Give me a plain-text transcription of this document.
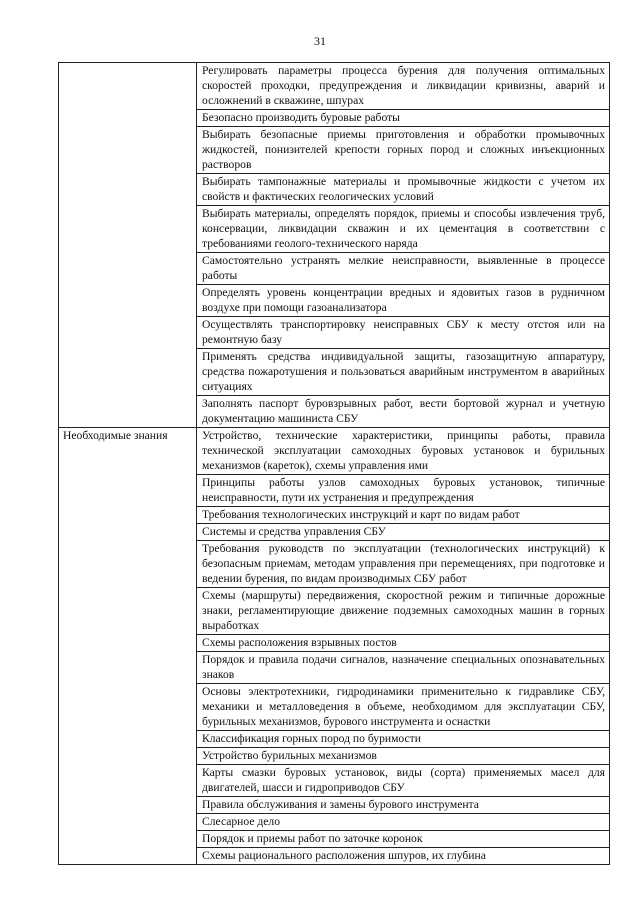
31
	Регулировать параметры процесса бурения для получения оптимальных скоростей проходки, предупреждения и ликвидации кривизны, аварий и осложнений в скважине, шпурах
	Безопасно производить буровые работы
	Выбирать безопасные приемы приготовления и обработки промывочных жидкостей, понизителей крепости горных пород и сложных инъекционных растворов
	Выбирать тампонажные материалы и промывочные жидкости с учетом их свойств и фактических геологических условий
	Выбирать материалы, определять порядок, приемы и способы извлечения труб, консервации, ликвидации скважин и их цементация в соответствии с требованиями геолого-технического наряда
	Самостоятельно устранять мелкие неисправности, выявленные в процессе работы
	Определять уровень концентрации вредных и ядовитых газов в рудничном воздухе при помощи газоанализатора
	Осуществлять транспортировку неисправных СБУ к месту отстоя или на ремонтную базу
	Применять средства индивидуальной защиты, газозащитную аппаратуру, средства пожаротушения и пользоваться аварийным инструментом в аварийных ситуациях
	Заполнять паспорт буровзрывных работ, вести бортовой журнал и учетную документацию машиниста СБУ
Необходимые знания	Устройство, технические характеристики, принципы работы, правила технической эксплуатации самоходных буровых установок и бурильных механизмов (кареток), схемы управления ими
	Принципы работы узлов самоходных буровых установок, типичные неисправности, пути их устранения и предупреждения
	Требования технологических инструкций и карт по видам работ
	Системы и средства управления СБУ
	Требования руководств по эксплуатации (технологических инструкций) к безопасным приемам, методам управления при перемещениях, при подготовке и ведении бурения, по видам производимых СБУ работ
	Схемы (маршруты) передвижения, скоростной режим и типичные дорожные знаки, регламентирующие движение подземных самоходных машин в горных выработках
	Схемы расположения взрывных постов
	Порядок и правила подачи сигналов, назначение специальных опознавательных знаков
	Основы электротехники, гидродинамики применительно к гидравлике СБУ, механики и металловедения в объеме, необходимом для эксплуатации СБУ, бурильных механизмов, бурового инструмента и оснастки
	Классификация горных пород по буримости
	Устройство бурильных механизмов
	Карты смазки буровых установок, виды (сорта) применяемых масел для двигателей, шасси и гидроприводов СБУ
	Правила обслуживания и замены бурового инструмента
	Слесарное дело
	Порядок и приемы работ по заточке коронок
	Схемы рационального расположения шпуров, их глубина
